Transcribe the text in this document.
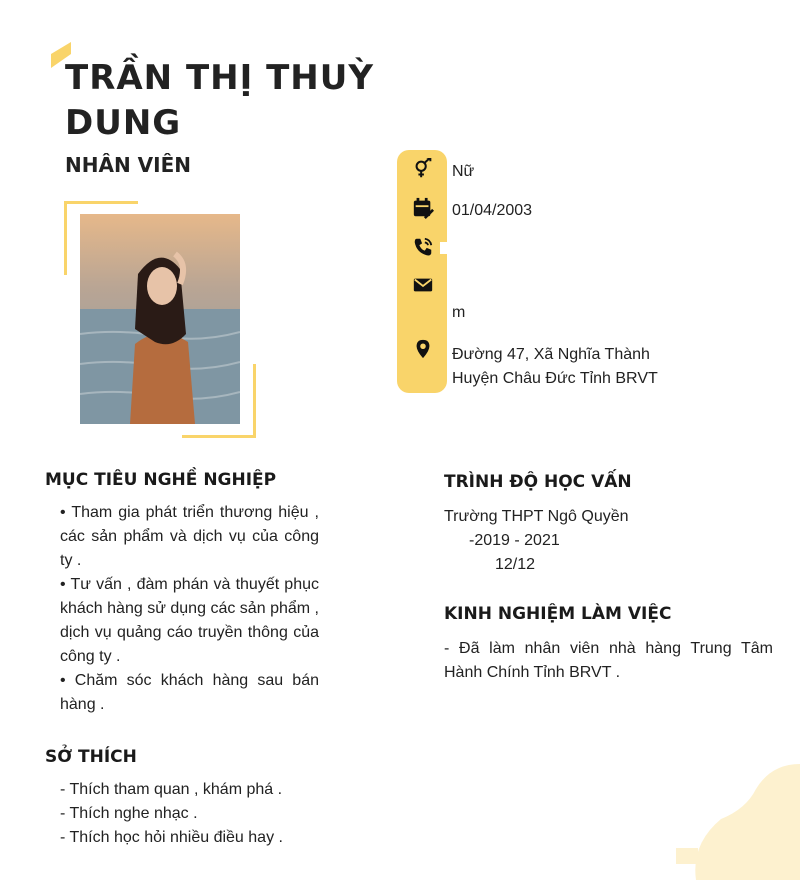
TRẦN THỊ THUỲ
DUNG
NHÂN VIÊN	Nữ
01/04/2003
m
Đường 47, Xã Nghĩa Thành
Huyện Châu Đức Tỉnh BRVT
MỤC TIÊU NGHỀ NGHIỆP
• Tham gia phát triển thương hiệu , các sản phẩm và dịch vụ của công ty .
• Tư vấn , đàm phán và thuyết phục khách hàng sử dụng các sản phẩm , dịch vụ quảng cáo truyền thông của công ty .
• Chăm sóc khách hàng sau bán hàng .
SỞ THÍCH
- Thích tham quan , khám phá .
- Thích nghe nhạc .
- Thích học hỏi nhiều điều hay .
TRÌNH ĐỘ HỌC VẤN
Trường THPT Ngô Quyền
-2019 - 2021
12/12
KINH NGHIỆM LÀM VIỆC
- Đã làm nhân viên nhà hàng Trung Tâm Hành Chính Tỉnh BRVT .
